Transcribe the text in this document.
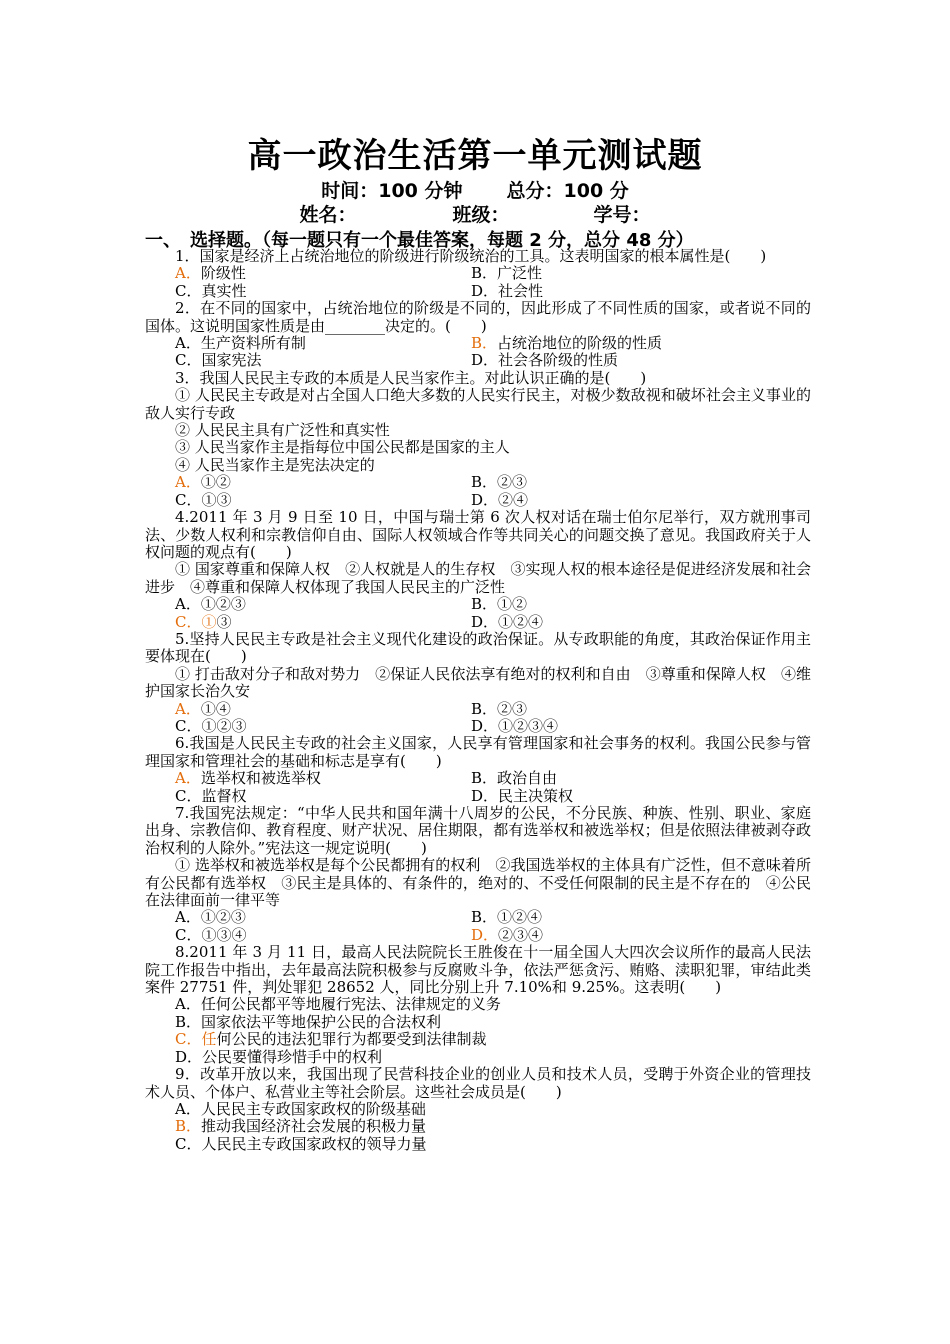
高一政治生活第一单元测试题
时间：100 分钟 总分：100 分
姓名：	班级：	学号：
一、　选择题。（每一题只有一个最佳答案，每题 2 分，总分 48 分）

1．国家是经济上占统治地位的阶级进行阶级统治的工具。这表明国家的根本属性是(　　)

A．阶级性	B．广泛性
C．真实性	D．社会性

2．在不同的国家中，占统治地位的阶级是不同的，因此形成了不同性质的国家，或者说不同的国体。这说明国家性质是由________决定的。(　　)

A．生产资料所有制	B．占统治地位的阶级的性质
C．国家宪法	D．社会各阶级的性质

3．我国人民民主专政的本质是人民当家作主。对此认识正确的是(　　)

① 人民民主专政是对占全国人口绝大多数的人民实行民主，对极少数敌视和破坏社会主义事业的敌人实行专政

② 人民民主具有广泛性和真实性

③ 人民当家作主是指每位中国公民都是国家的主人

④ 人民当家作主是宪法决定的

A．①②	B．②③
C．①③	D．②④

4.2011 年 3 月 9 日至 10 日，中国与瑞士第 6 次人权对话在瑞士伯尔尼举行，双方就刑事司法、少数人权利和宗教信仰自由、国际人权领域合作等共同关心的问题交换了意见。我国政府关于人权问题的观点有(　　)

① 国家尊重和保障人权　②人权就是人的生存权　③实现人权的根本途径是促进经济发展和社会进步　④尊重和保障人权体现了我国人民民主的广泛性

A．①②③	B．①②
C．①③	D．①②④

5.坚持人民民主专政是社会主义现代化建设的政治保证。从专政职能的角度，其政治保证作用主要体现在(　　)

① 打击敌对分子和敌对势力　②保证人民依法享有绝对的权利和自由　③尊重和保障人权　④维护国家长治久安

A．①④	B．②③
C．①②③	D．①②③④

6.我国是人民民主专政的社会主义国家，人民享有管理国家和社会事务的权利。我国公民参与管理国家和管理社会的基础和标志是享有(　　)

A．选举权和被选举权	B．政治自由
C．监督权	D．民主决策权

7.我国宪法规定：“中华人民共和国年满十八周岁的公民，不分民族、种族、性别、职业、家庭出身、宗教信仰、教育程度、财产状况、居住期限，都有选举权和被选举权；但是依照法律被剥夺政治权利的人除外。”宪法这一规定说明(　　)

① 选举权和被选举权是每个公民都拥有的权利　②我国选举权的主体具有广泛性，但不意味着所有公民都有选举权　③民主是具体的、有条件的，绝对的、不受任何限制的民主是不存在的　④公民在法律面前一律平等

A．①②③	B．①②④
C．①③④	D．②③④

8.2011 年 3 月 11 日，最高人民法院院长王胜俊在十一届全国人大四次会议所作的最高人民法院工作报告中指出，去年最高法院积极参与反腐败斗争，依法严惩贪污、贿赂、渎职犯罪，审结此类案件 27751 件，判处罪犯 28652 人，同比分别上升 7.10%和 9.25%。这表明(　　)

A．任何公民都平等地履行宪法、法律规定的义务

B．国家依法平等地保护公民的合法权利

C．任何公民的违法犯罪行为都要受到法律制裁

D．公民要懂得珍惜手中的权利

9．改革开放以来，我国出现了民营科技企业的创业人员和技术人员，受聘于外资企业的管理技术人员、个体户、私营业主等社会阶层。这些社会成员是(　　)

A．人民民主专政国家政权的阶级基础

B．推动我国经济社会发展的积极力量

C．人民民主专政国家政权的领导力量
